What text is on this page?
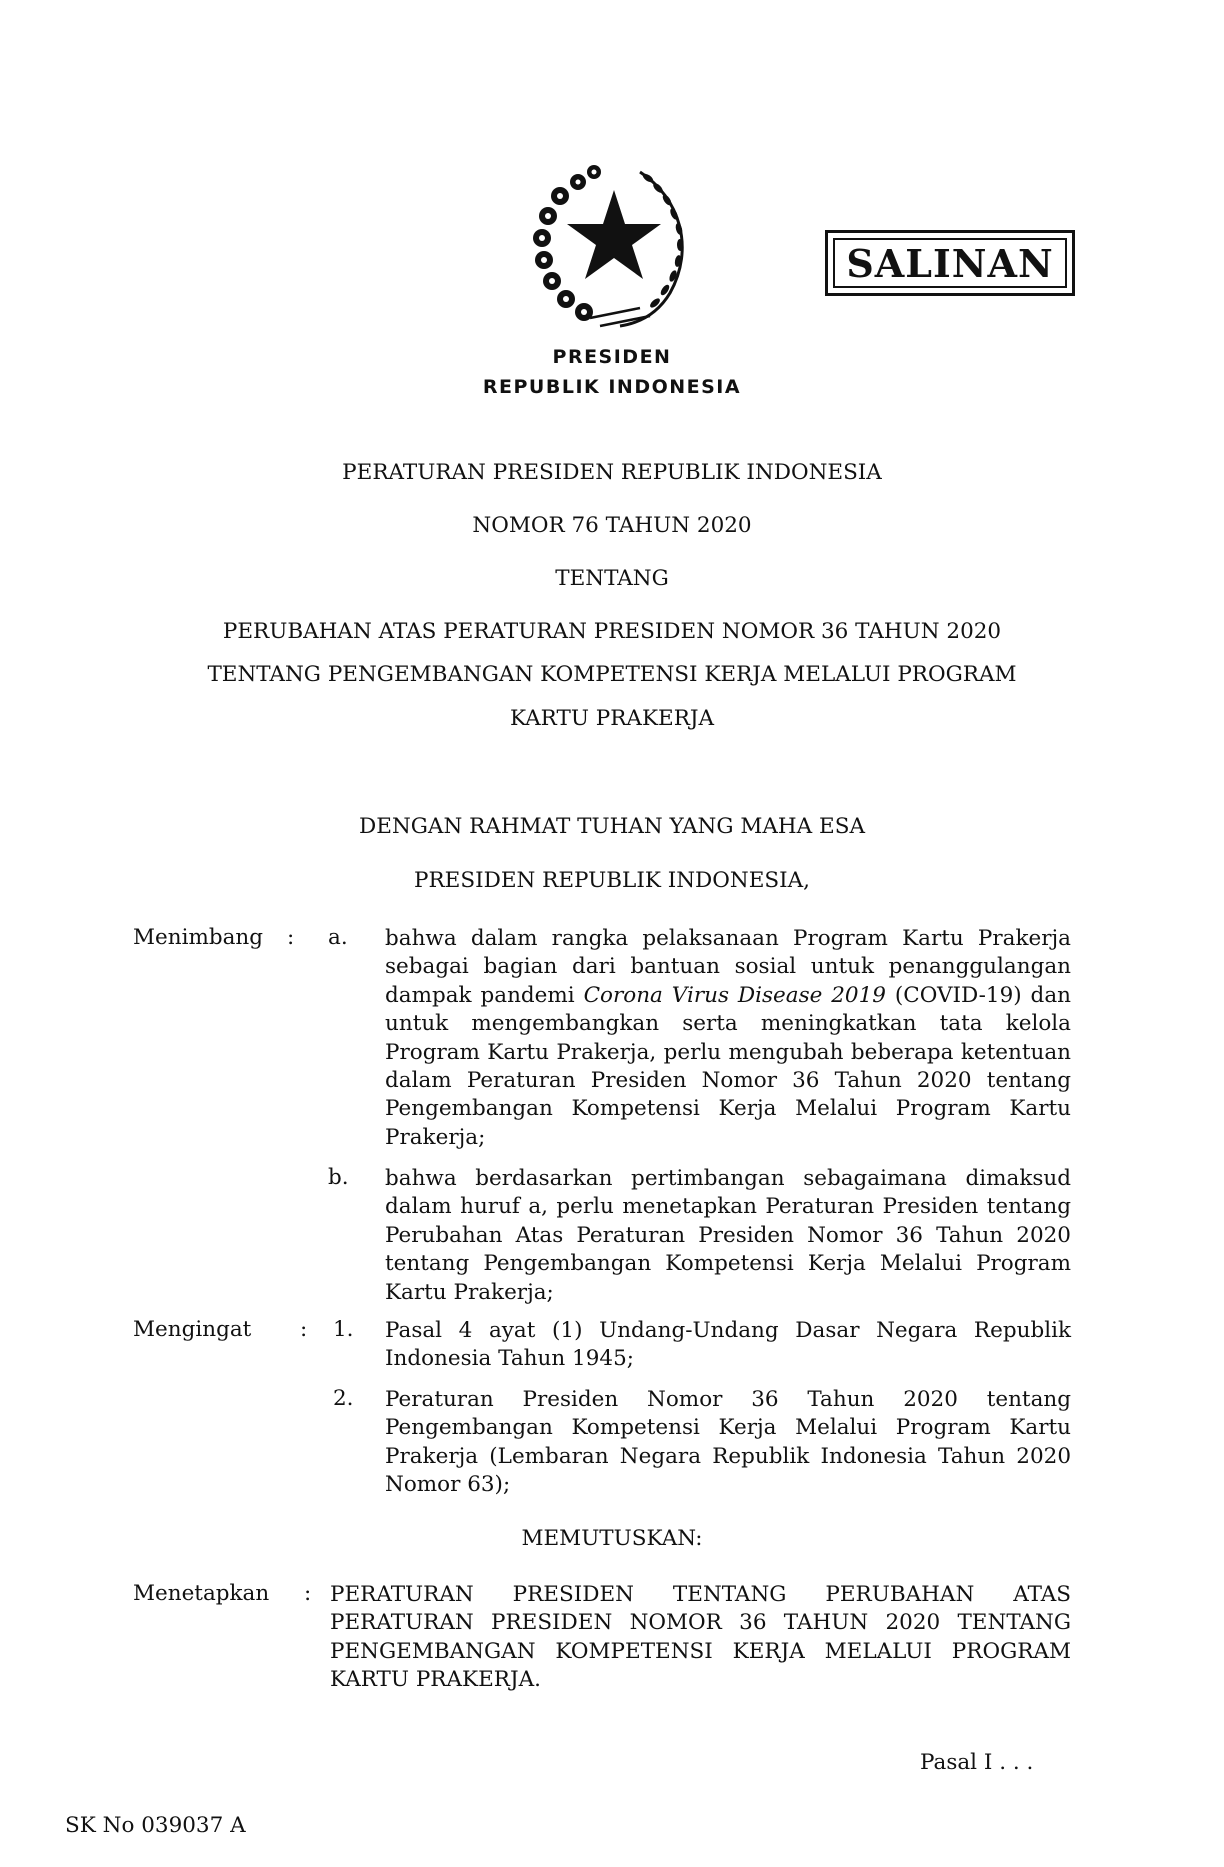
SALINAN
PRESIDEN
REPUBLIK INDONESIA
PERATURAN PRESIDEN REPUBLIK INDONESIA
NOMOR 76 TAHUN 2020
TENTANG
PERUBAHAN ATAS PERATURAN PRESIDEN NOMOR 36 TAHUN 2020
TENTANG PENGEMBANGAN KOMPETENSI KERJA MELALUI PROGRAM
KARTU PRAKERJA
DENGAN RAHMAT TUHAN YANG MAHA ESA
PRESIDEN REPUBLIK INDONESIA,
Menimbang : a. bahwa dalam rangka pelaksanaan Program Kartu Prakerja sebagai bagian dari bantuan sosial untuk penanggulangan dampak pandemi Corona Virus Disease 2019 (COVID-19) dan untuk mengembangkan serta meningkatkan tata kelola Program Kartu Prakerja, perlu mengubah beberapa ketentuan dalam Peraturan Presiden Nomor 36 Tahun 2020 tentang Pengembangan Kompetensi Kerja Melalui Program Kartu Prakerja;
b. bahwa berdasarkan pertimbangan sebagaimana dimaksud dalam huruf a, perlu menetapkan Peraturan Presiden tentang Perubahan Atas Peraturan Presiden Nomor 36 Tahun 2020 tentang Pengembangan Kompetensi Kerja Melalui Program Kartu Prakerja;
Mengingat : 1. Pasal 4 ayat (1) Undang-Undang Dasar Negara Republik Indonesia Tahun 1945;
2. Peraturan Presiden Nomor 36 Tahun 2020 tentang Pengembangan Kompetensi Kerja Melalui Program Kartu Prakerja (Lembaran Negara Republik Indonesia Tahun 2020 Nomor 63);
MEMUTUSKAN:
Menetapkan : PERATURAN PRESIDEN TENTANG PERUBAHAN ATAS PERATURAN PRESIDEN NOMOR 36 TAHUN 2020 TENTANG PENGEMBANGAN KOMPETENSI KERJA MELALUI PROGRAM KARTU PRAKERJA.
Pasal I . . .
SK No 039037 A
